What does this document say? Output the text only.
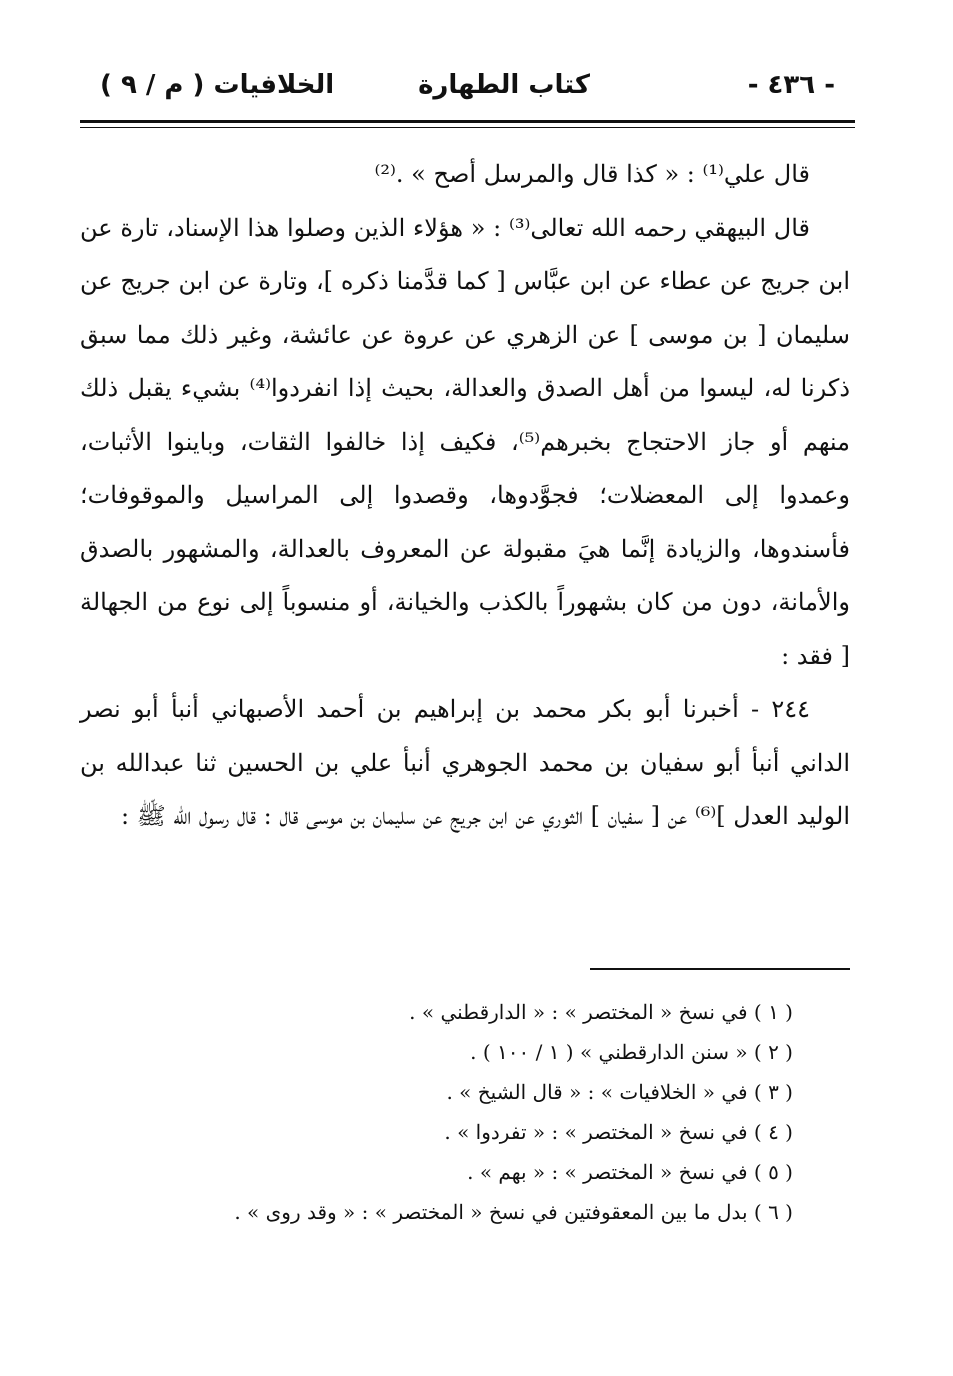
- ٤٣٦ -
كتاب الطهارة
الخلافيات ( م / ٩ )

قال علي⁽¹⁾ : « كذا قال والمرسل أصح » .⁽²⁾

قال البيهقي رحمه الله تعالى⁽³⁾ : « هؤلاء الذين وصلوا هذا الإسناد، تارة عن ابن جريج عن عطاء عن ابن عبَّاس [ كما قدَّمنا ذكره ]، وتارة عن ابن جريج عن سليمان [ بن موسى ] عن الزهري عن عروة عن عائشة، وغير ذلك مما سبق ذكرنا له، ليسوا من أهل الصدق والعدالة، بحيث إذا انفردوا⁽⁴⁾ بشيء يقبل ذلك منهم أو جاز الاحتجاج بخبرهم⁽⁵⁾، فكيف إذا خالفوا الثقات، وباينوا الأثبات، وعمدوا إلى المعضلات؛ فجوَّدوها، وقصدوا إلى المراسيل والموقوفات؛ فأسندوها، والزيادة إنَّما هيَ مقبولة عن المعروف بالعدالة، والمشهور بالصدق والأمانة، دون من كان بشهوراً بالكذب والخيانة، أو منسوباً إلى نوع من الجهالة [ فقد :

٢٤٤ - أخبرنا أبو بكر محمد بن إبراهيم بن أحمد الأصبهاني أنبأ أبو نصر الداني أنبأ أبو سفيان بن محمد الجوهري أنبأ علي بن الحسين ثنا عبدالله بن الوليد العدل ]⁽⁶⁾ عن [ سفيان ] الثوري عن ابن جريج عن سليمان بن موسى قال : قال رسول الله ﷺ :

( ١ ) في نسخ « المختصر » : « الدارقطني » .
( ٢ ) « سنن الدارقطني » ( ١ / ١٠٠ ) .
( ٣ ) في « الخلافيات » : « قال الشيخ » .
( ٤ ) في نسخ « المختصر » : « تفردوا » .
( ٥ ) في نسخ « المختصر » : « بهم » .
( ٦ ) بدل ما بين المعقوفتين في نسخ « المختصر » : « وقد روى » .
